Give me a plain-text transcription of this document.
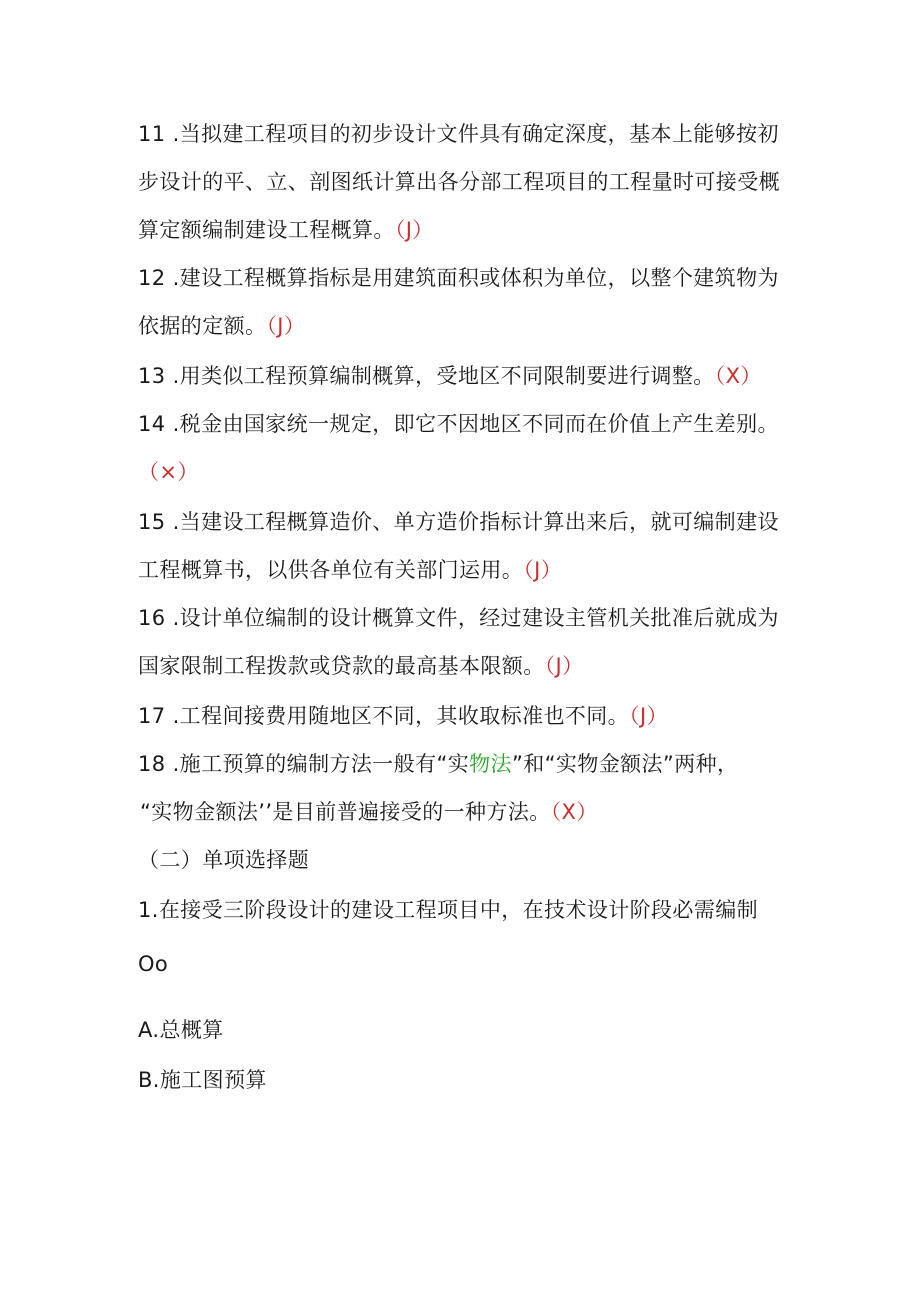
11 .当拟建工程项目的初步设计文件具有确定深度，基本上能够按初
步设计的平、立、剖图纸计算出各分部工程项目的工程量时可接受概
算定额编制建设工程概算。（J）
12 .建设工程概算指标是用建筑面积或体积为单位，以整个建筑物为
依据的定额。（J）
13 .用类似工程预算编制概算，受地区不同限制要进行调整。（X）
14 .税金由国家统一规定，即它不因地区不同而在价值上产生差别。
（×）
15 .当建设工程概算造价、单方造价指标计算出来后，就可编制建设
工程概算书，以供各单位有关部门运用。（J）
16 .设计单位编制的设计概算文件，经过建设主管机关批准后就成为
国家限制工程拨款或贷款的最高基本限额。（J）
17 .工程间接费用随地区不同，其收取标准也不同。（J）
18 .施工预算的编制方法一般有“实物法”和“实物金额法”两种，
“实物金额法’’是目前普遍接受的一种方法。（X）
（二）单项选择题
1.在接受三阶段设计的建设工程项目中，在技术设计阶段必需编制
Oo
A.总概算
B.施工图预算
